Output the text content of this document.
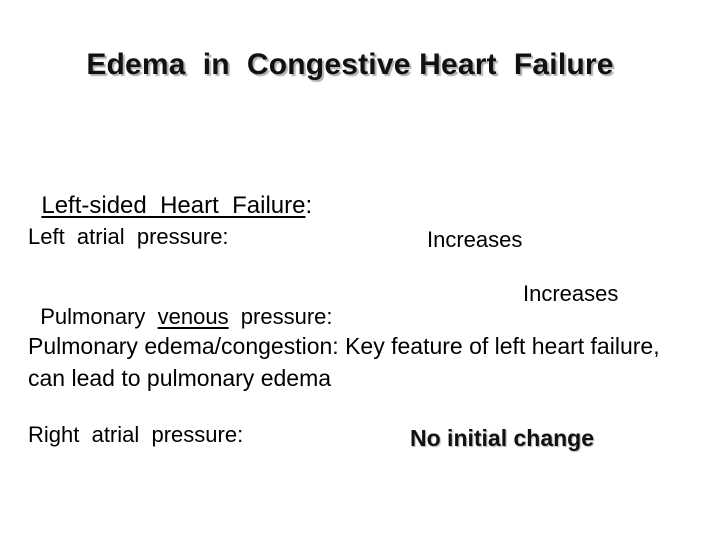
Edema  in  Congestive Heart  Failure

Left-sided  Heart  Failure:

Left  atrial  pressure:	Increases

Pulmonary  venous  pressure:

Increases
Pulmonary edema/congestion: Key feature of left heart failure, can lead to pulmonary edema
Right  atrial  pressure:	No initial change
